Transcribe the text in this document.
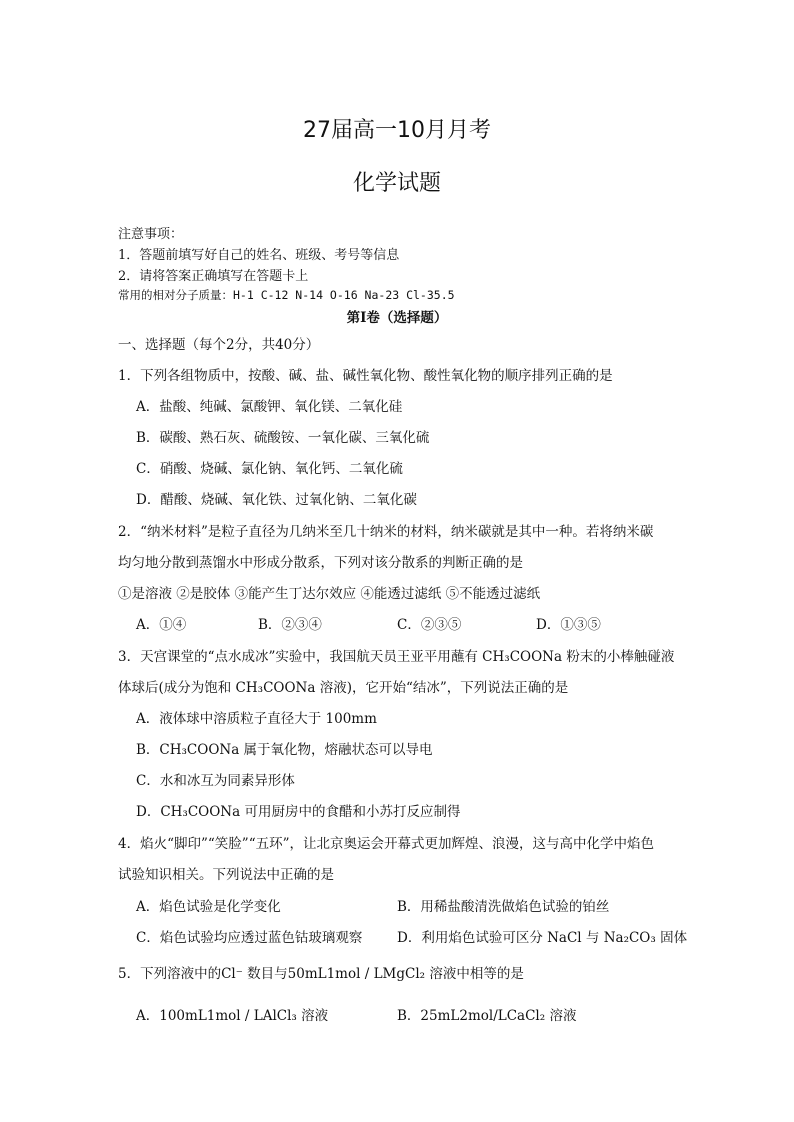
27届高一10月月考
化学试题
注意事项：
1．答题前填写好自己的姓名、班级、考号等信息
2．请将答案正确填写在答题卡上
常用的相对分子质量：H-1 C-12 N-14 O-16 Na-23 Cl-35.5
第Ⅰ卷（选择题）
一、选择题（每个2分，共40分）
1．下列各组物质中，按酸、碱、盐、碱性氧化物、酸性氧化物的顺序排列正确的是
A．盐酸、纯碱、氯酸钾、氧化镁、二氧化硅
B．碳酸、熟石灰、硫酸铵、一氧化碳、三氧化硫
C．硝酸、烧碱、氯化钠、氧化钙、二氧化硫
D．醋酸、烧碱、氧化铁、过氧化钠、二氧化碳
2．“纳米材料”是粒子直径为几纳米至几十纳米的材料，纳米碳就是其中一种。若将纳米碳
均匀地分散到蒸馏水中形成分散系，下列对该分散系的判断正确的是
①是溶液 ②是胶体 ③能产生丁达尔效应 ④能透过滤纸 ⑤不能透过滤纸
A．①④	B．②③④	C．②③⑤	D．①③⑤
3．天宫课堂的“点水成冰”实验中，我国航天员王亚平用蘸有 CH₃COONa 粉末的小棒触碰液
体球后(成分为饱和 CH₃COONa 溶液)，它开始“结冰”，下列说法正确的是
A．液体球中溶质粒子直径大于 100mm
B．CH₃COONa 属于氧化物，熔融状态可以导电
C．水和冰互为同素异形体
D．CH₃COONa 可用厨房中的食醋和小苏打反应制得
4．焰火“脚印”“笑脸”“五环”，让北京奥运会开幕式更加辉煌、浪漫，这与高中化学中焰色
试验知识相关。下列说法中正确的是
A．焰色试验是化学变化	B．用稀盐酸清洗做焰色试验的铂丝
C．焰色试验均应透过蓝色钴玻璃观察	D．利用焰色试验可区分 NaCl 与 Na₂CO₃ 固体
5．下列溶液中的Cl⁻ 数目与50mL1mol / LMgCl₂ 溶液中相等的是
A．100mL1mol / LAlCl₃ 溶液	B．25mL2mol/LCaCl₂ 溶液
